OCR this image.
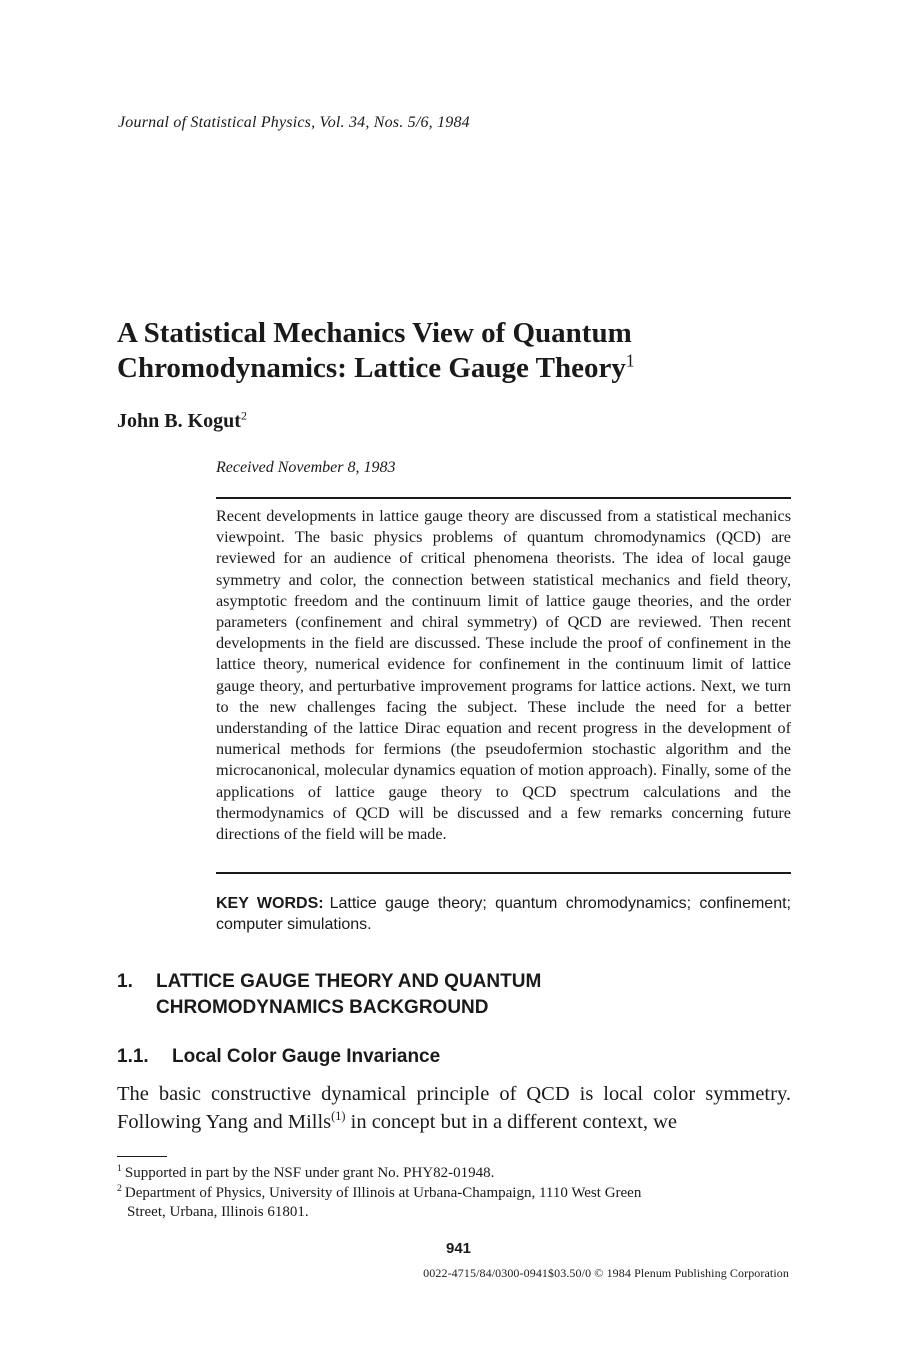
Journal of Statistical Physics, Vol. 34, Nos. 5/6, 1984
A Statistical Mechanics View of Quantum
Chromodynamics: Lattice Gauge Theory$^1$
John B. Kogut$^2$
Received November 8, 1983
Recent developments in lattice gauge theory are discussed from a statistical mechanics viewpoint. The basic physics problems of quantum chromodynamics (QCD) are reviewed for an audience of critical phenomena theorists. The idea of local gauge symmetry and color, the connection between statistical mechanics and field theory, asymptotic freedom and the continuum limit of lattice gauge theories, and the order parameters (confinement and chiral symmetry) of QCD are reviewed. Then recent developments in the field are discussed. These include the proof of confinement in the lattice theory, numerical evidence for confinement in the continuum limit of lattice gauge theory, and perturbative improvement programs for lattice actions. Next, we turn to the new challenges facing the subject. These include the need for a better understanding of the lattice Dirac equation and recent progress in the development of numerical methods for fermions (the pseudofermion stochastic algorithm and the microcanonical, molecular dynamics equation of motion approach). Finally, some of the applications of lattice gauge theory to QCD spectrum calculations and the thermodynamics of QCD will be discussed and a few remarks concerning future directions of the field will be made.
KEY WORDS: Lattice gauge theory; quantum chromodynamics; confinement; computer simulations.
1. LATTICE GAUGE THEORY AND QUANTUM
CHROMODYNAMICS BACKGROUND
1.1. Local Color Gauge Invariance
The basic constructive dynamical principle of QCD is local color symmetry. Following Yang and Mills$^{(1)}$ in concept but in a different context, we
$^1$ Supported in part by the NSF under grant No. PHY82-01948.
$^2$ Department of Physics, University of Illinois at Urbana-Champaign, 1110 West Green
Street, Urbana, Illinois 61801.
941
0022-4715/84/0300-0941$03.50/0 © 1984 Plenum Publishing Corporation
